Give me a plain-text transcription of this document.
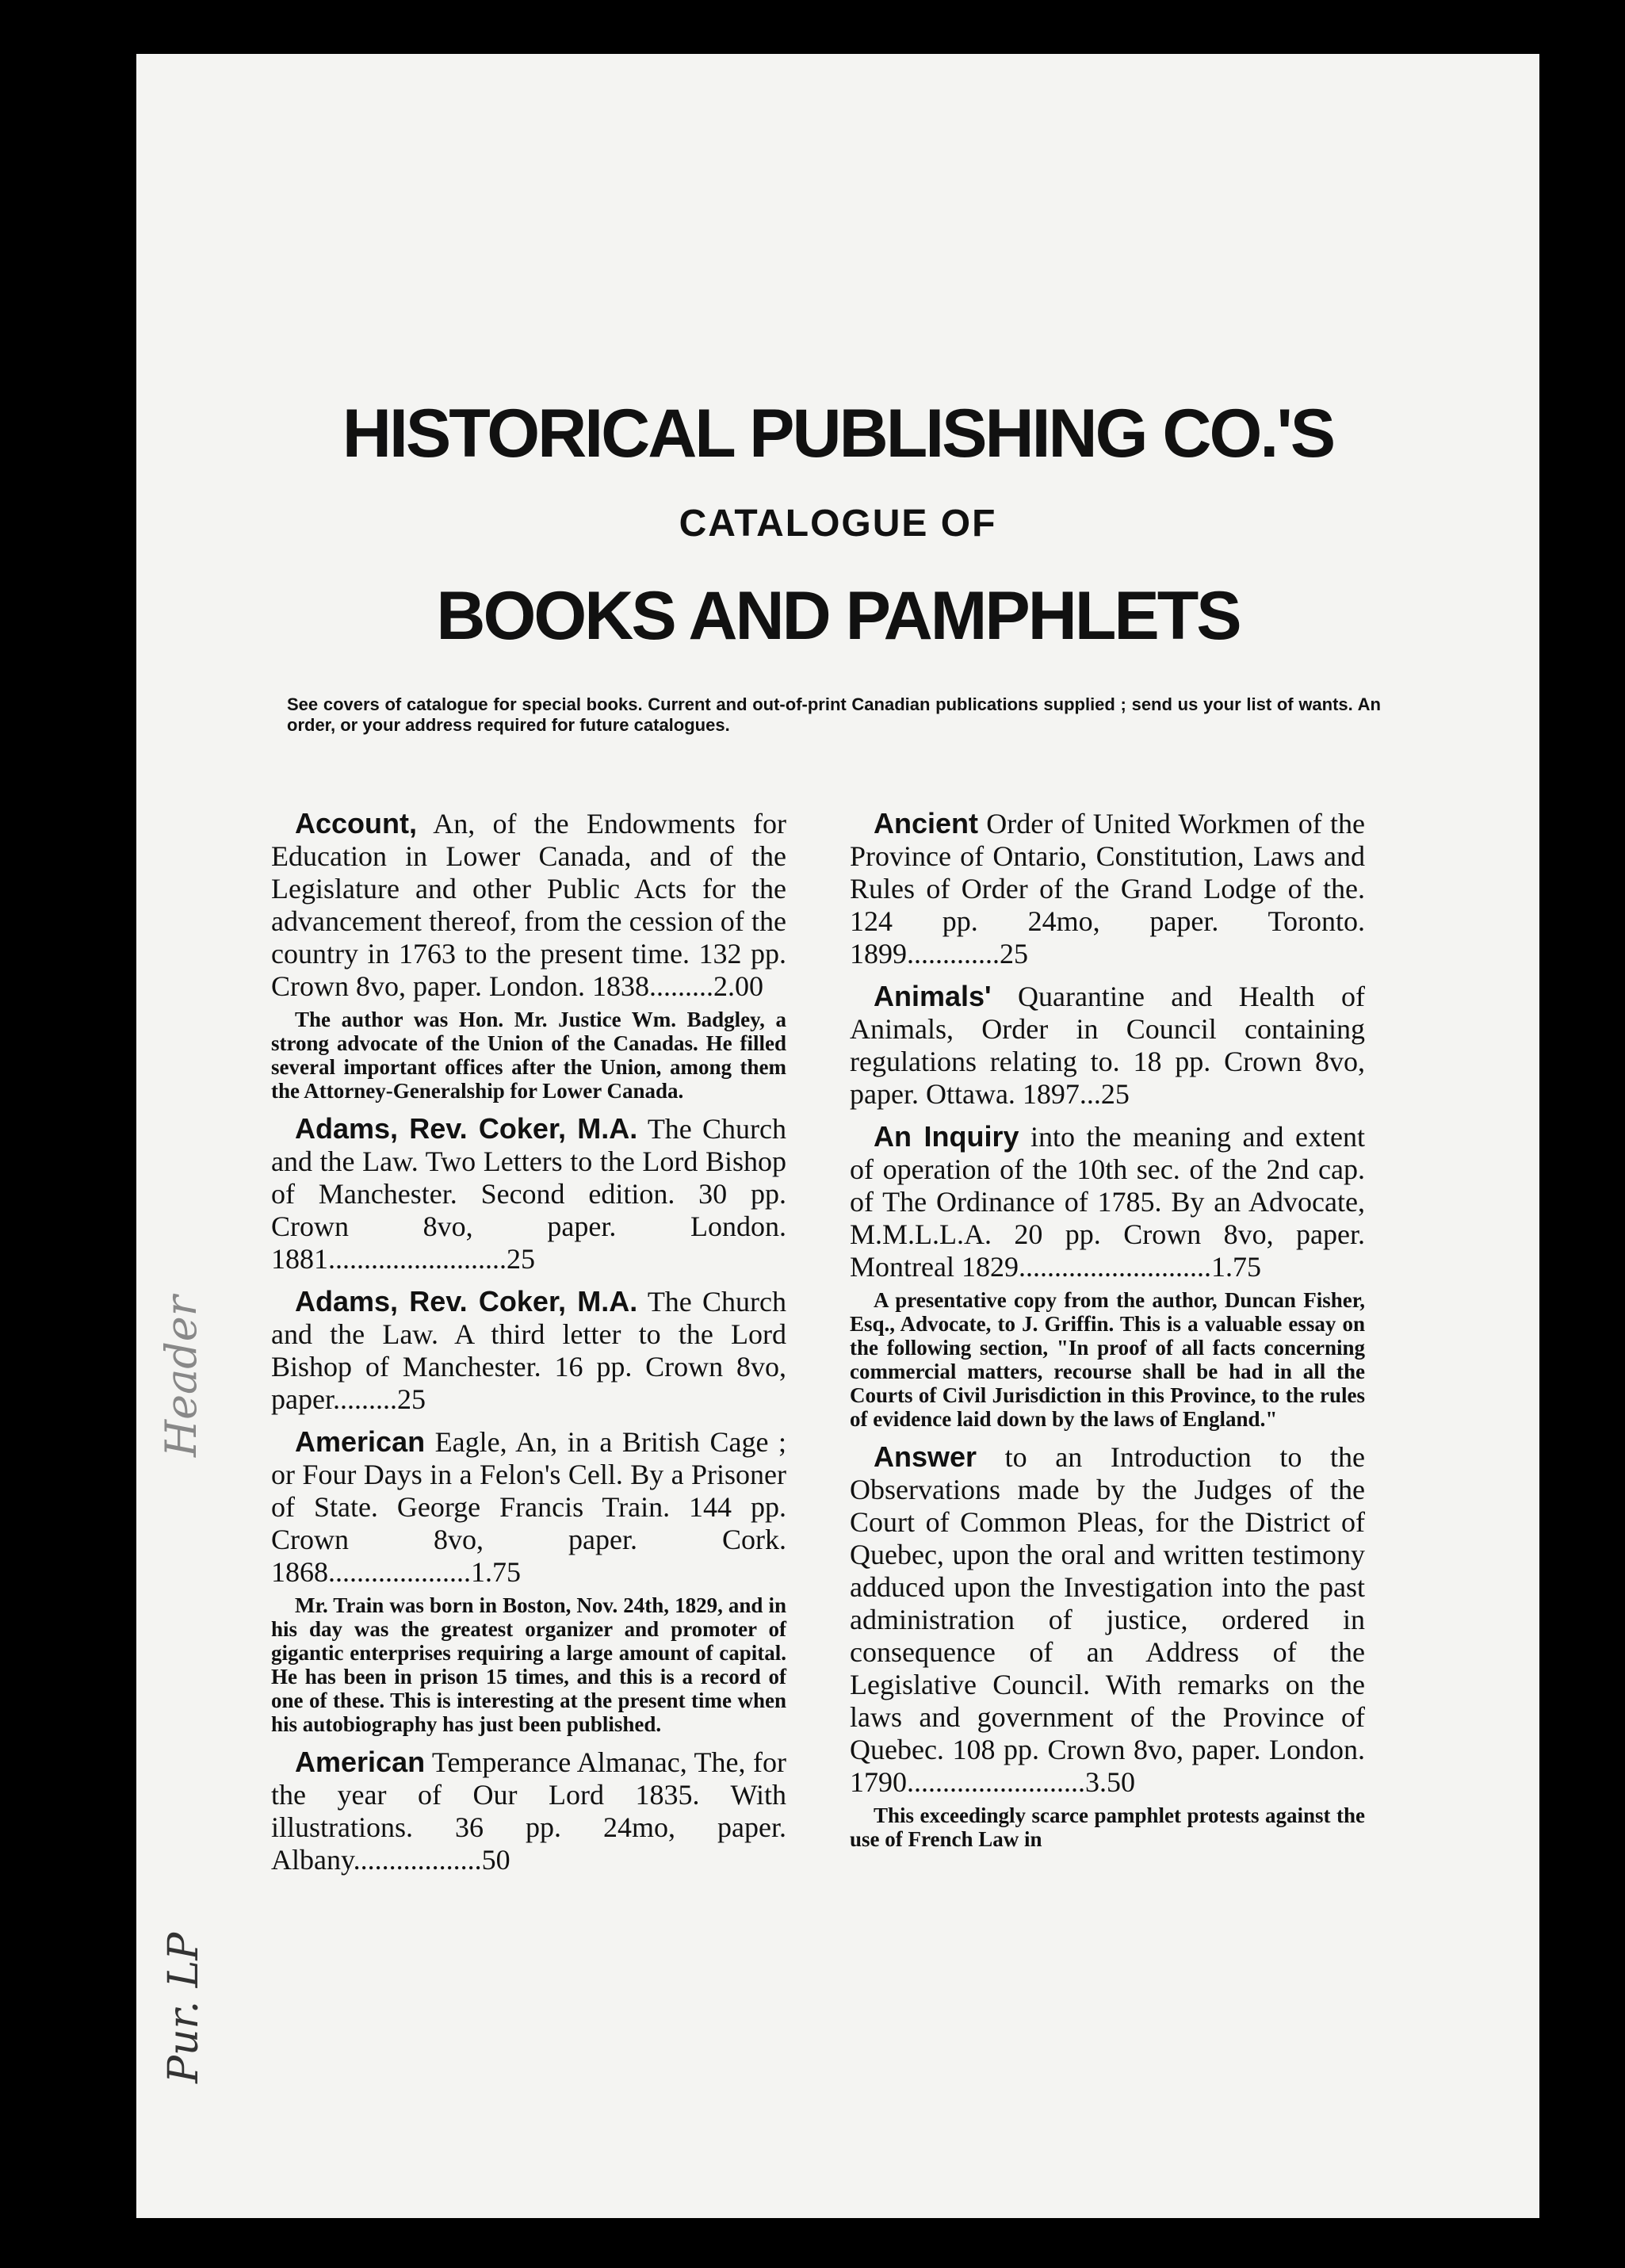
HISTORICAL PUBLISHING CO.'S
CATALOGUE OF
BOOKS AND PAMPHLETS
See covers of catalogue for special books. Current and out-of-print Canadian publications supplied ; send us your list of wants. An order, or your address required for future catalogues.
Account, An, of the Endowments for Education in Lower Canada, and of the Legislature and other Public Acts for the advancement thereof, from the cession of the country in 1763 to the present time. 132 pp. Crown 8vo, paper. London. 1838.........2.00
The author was Hon. Mr. Justice Wm. Badgley, a strong advocate of the Union of the Canadas. He filled several important offices after the Union, among them the Attorney-Generalship for Lower Canada.
Adams, Rev. Coker, M.A. The Church and the Law. Two Letters to the Lord Bishop of Manchester. Second edition. 30 pp. Crown 8vo, paper. London. 1881.........................25
Adams, Rev. Coker, M.A. The Church and the Law. A third letter to the Lord Bishop of Manchester. 16 pp. Crown 8vo, paper.........25
American Eagle, An, in a British Cage ; or Four Days in a Felon's Cell. By a Prisoner of State. George Francis Train. 144 pp. Crown 8vo, paper. Cork. 1868....................1.75
Mr. Train was born in Boston, Nov. 24th, 1829, and in his day was the greatest organizer and promoter of gigantic enterprises requiring a large amount of capital. He has been in prison 15 times, and this is a record of one of these. This is interesting at the present time when his autobiography has just been published.
American Temperance Almanac, The, for the year of Our Lord 1835. With illustrations. 36 pp. 24mo, paper. Albany..................50
Ancient Order of United Workmen of the Province of Ontario, Constitution, Laws and Rules of Order of the Grand Lodge of the. 124 pp. 24mo, paper. Toronto. 1899.............25
Animals' Quarantine and Health of Animals, Order in Council containing regulations relating to. 18 pp. Crown 8vo, paper. Ottawa. 1897...25
An Inquiry into the meaning and extent of operation of the 10th sec. of the 2nd cap. of The Ordinance of 1785. By an Advocate, M.M.L.L.A. 20 pp. Crown 8vo, paper. Montreal 1829...........................1.75
A presentative copy from the author, Duncan Fisher, Esq., Advocate, to J. Griffin. This is a valuable essay on the following section, "In proof of all facts concerning commercial matters, recourse shall be had in all the Courts of Civil Jurisdiction in this Province, to the rules of evidence laid down by the laws of England."
Answer to an Introduction to the Observations made by the Judges of the Court of Common Pleas, for the District of Quebec, upon the oral and written testimony adduced upon the Investigation into the past administration of justice, ordered in consequence of an Address of the Legislative Council. With remarks on the laws and government of the Province of Quebec. 108 pp. Crown 8vo, paper. London. 1790.........................3.50
This exceedingly scarce pamphlet protests against the use of French Law in
Header
Pur. LP
